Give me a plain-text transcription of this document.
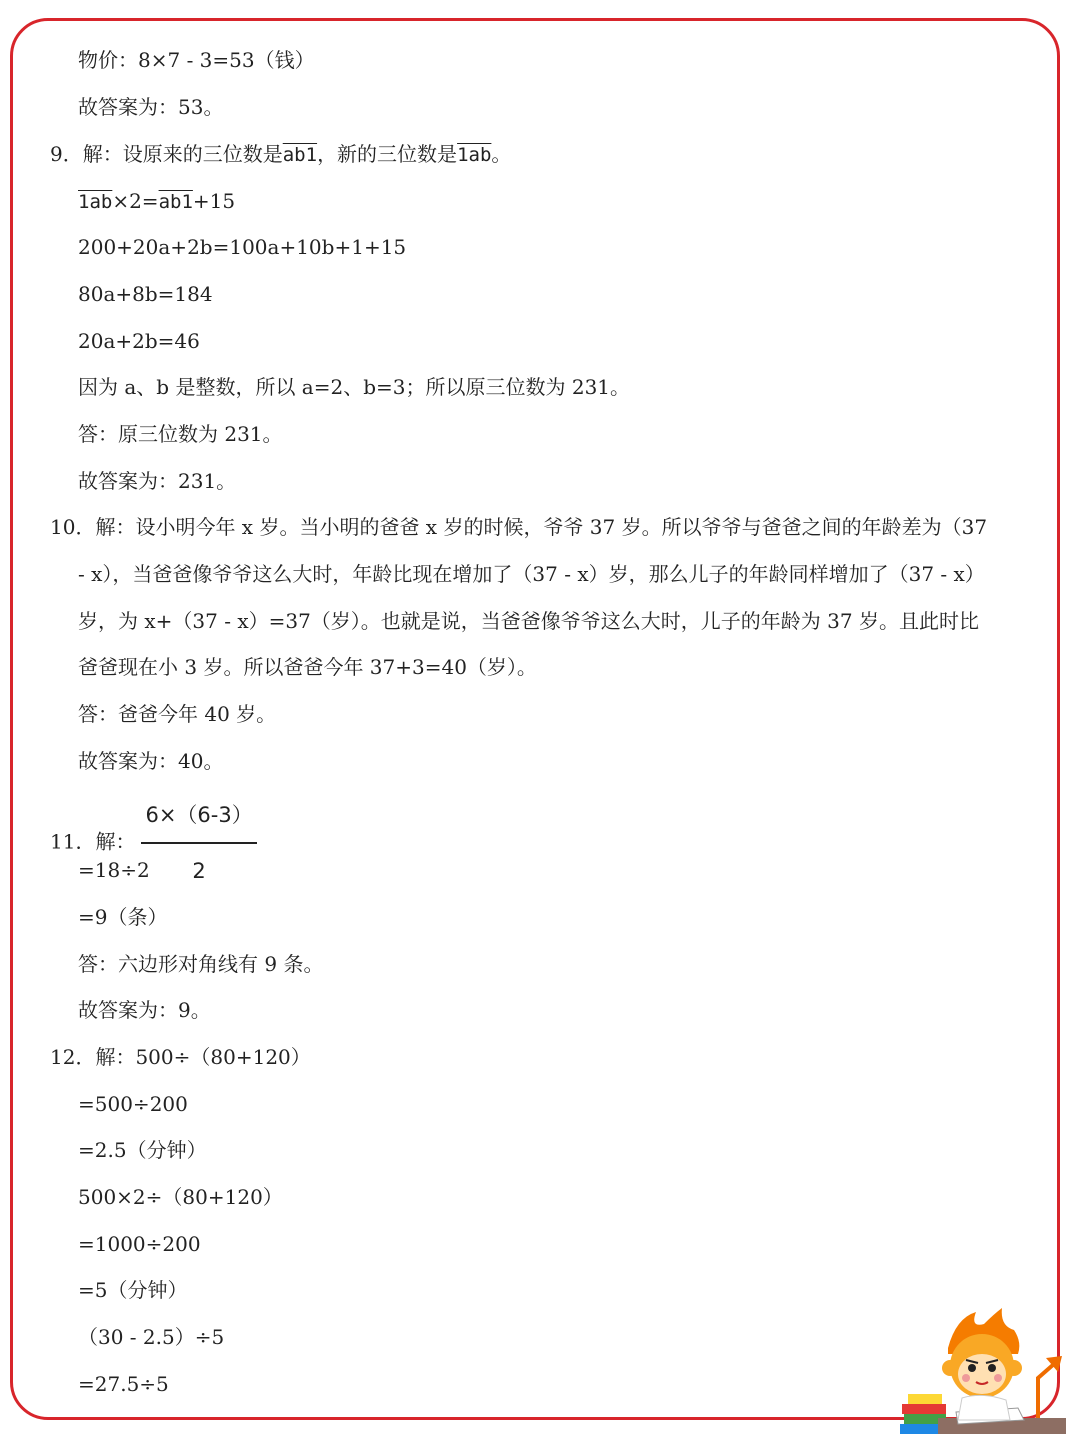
物价：8×7 - 3=53（钱）
故答案为：53。
9．解：设原来的三位数是ab1，新的三位数是1ab。
1ab×2=ab1+15
200+20a+2b=100a+10b+1+15
80a+8b=184
20a+2b=46
因为 a、b 是整数，所以 a=2、b=3；所以原三位数为 231。
答：原三位数为 231。
故答案为：231。
10．解：设小明今年 x 岁。当小明的爸爸 x 岁的时候，爷爷 37 岁。所以爷爷与爸爸之间的年龄差为（37
- x），当爸爸像爷爷这么大时，年龄比现在增加了（37 - x）岁，那么儿子的年龄同样增加了（37 - x）
岁，为 x+（37 - x）=37（岁）。也就是说，当爸爸像爷爷这么大时，儿子的年龄为 37 岁。且此时比
爸爸现在小 3 岁。所以爸爸今年 37+3=40（岁）。
答：爸爸今年 40 岁。
故答案为：40。
11．解： $\frac{6\times(6-3)}{2}$
=18÷2
=9（条）
答：六边形对角线有 9 条。
故答案为：9。
12．解：500÷（80+120）
=500÷200
=2.5（分钟）
500×2÷（80+120）
=1000÷200
=5（分钟）
（30 - 2.5）÷5
=27.5÷5
